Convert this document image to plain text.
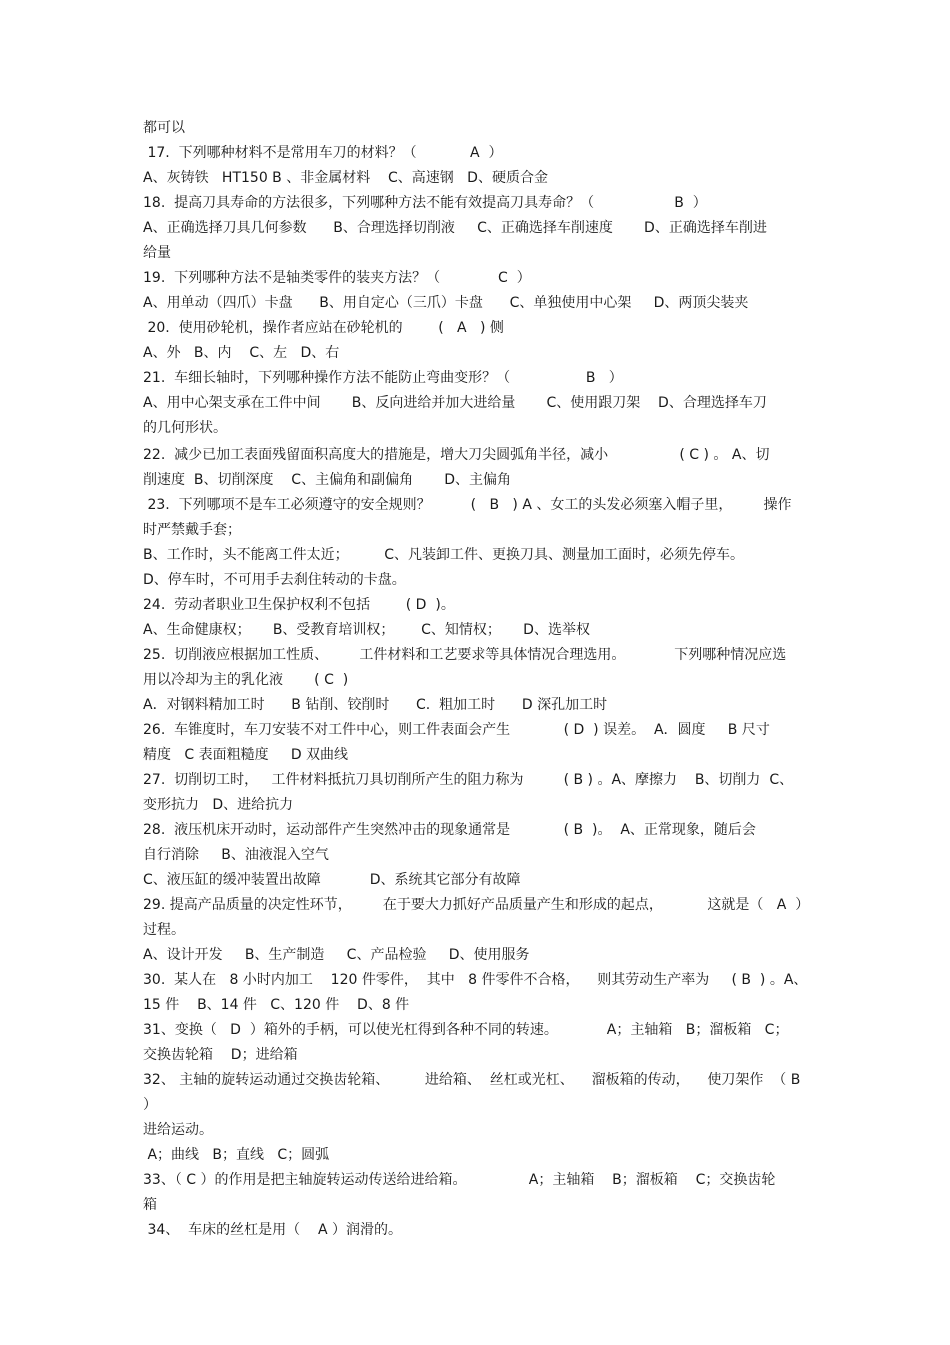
都可以

17.  下列哪种材料不是常用车刀的材料？（            A  ）

A、灰铸铁   HT150 B 、非金属材料    C、高速钢   D、硬质合金

18.  提高刀具寿命的方法很多，下列哪种方法不能有效提高刀具寿命？（                  B  ）

A、正确选择刀具几何参数      B、合理选择切削液     C、正确选择车削速度       D、正确选择车削进

给量

19.  下列哪种方法不是轴类零件的装夹方法？（             C  ）

A、用单动（四爪）卡盘      B、用自定心（三爪）卡盘      C、单独使用中心架     D、两顶尖装夹

20.  使用砂轮机，操作者应站在砂轮机的        (   A   ) 侧

A、外   B、内    C、左   D、右

21.  车细长轴时，下列哪种操作方法不能防止弯曲变形？（                 B   ）

A、用中心架支承在工件中间       B、反向进给并加大进给量       C、使用跟刀架    D、合理选择车刀

的几何形状。

22.  减少已加工表面残留面积高度大的措施是，增大刀尖圆弧角半径，减小                ( C ) 。 A、切

削速度  B、切削深度    C、主偏角和副偏角       D、主偏角

23.  下列哪项不是车工必须遵守的安全规则？         (   B   ) A 、女工的头发必须塞入帽子里，       操作

时严禁戴手套；

B、工作时，头不能离工件太近；        C、凡装卸工件、更换刀具、测量加工面时，必须先停车。

D、停车时，不可用手去刹住转动的卡盘。

24.  劳动者职业卫生保护权利不包括        ( D  )。

A、生命健康权；     B、受教育培训权；      C、知情权；     D、选举权

25.  切削液应根据加工性质、       工件材料和工艺要求等具体情况合理选用。           下列哪种情况应选

用以冷却为主的乳化液       ( C  )

A．对钢料精加工时      B 钻削、铰削时      C.  粗加工时      D 深孔加工时

26.  车锥度时，车刀安装不对工件中心，则工件表面会产生            ( D  ) 误差。  A．圆度     B 尺寸

精度   C 表面粗糙度     D 双曲线

27.  切削切工时，   工件材料抵抗刀具切削所产生的阻力称为         ( B ) 。A、摩擦力    B、切削力  C、

变形抗力   D、进给抗力

28.  液压机床开动时，运动部件产生突然冲击的现象通常是            ( B  )。  A、正常现象，随后会

自行消除     B、油液混入空气

C、液压缸的缓冲装置出故障           D、系统其它部分有故障

29. 提高产品质量的决定性环节，       在于要大力抓好产品质量产生和形成的起点，          这就是（   A  ）

过程。

A、设计开发     B、生产制造     C、产品检验     D、使用服务

30.  某人在   8 小时内加工    120 件零件，  其中   8 件零件不合格，    则其劳动生产率为     ( B  ) 。A、

15 件    B、14 件   C、120 件    D、8 件

31、变换（   D  ）箱外的手柄，可以使光杠得到各种不同的转速。           A；主轴箱   B；溜板箱   C；

交换齿轮箱    D；进给箱

32、 主轴的旋转运动通过交换齿轮箱、        进给箱、  丝杠或光杠、    溜板箱的传动，    使刀架作  （ B ）

进给运动。

A；曲线   B；直线   C；圆弧

33、（ C ）的作用是把主轴旋转运动传送给进给箱。              A；主轴箱    B；溜板箱    C；交换齿轮

箱

34、  车床的丝杠是用（    A ）润滑的。
